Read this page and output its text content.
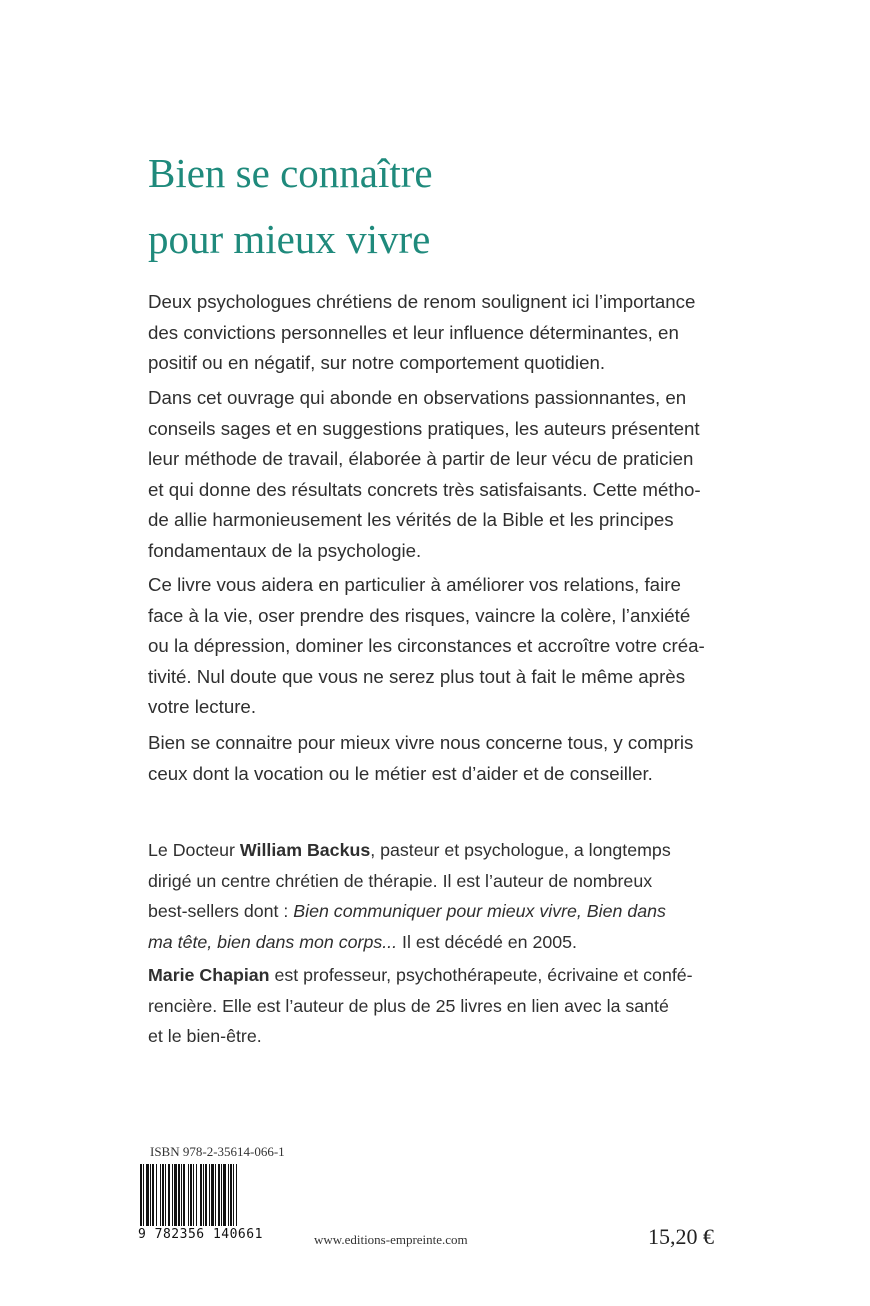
Bien se connaître
pour mieux vivre
Deux psychologues chrétiens de renom soulignent ici l’importance
des convictions personnelles et leur influence déterminantes, en
positif ou en négatif, sur notre comportement quotidien.
Dans cet ouvrage qui abonde en observations passionnantes, en
conseils sages et en suggestions pratiques, les auteurs présentent
leur méthode de travail, élaborée à partir de leur vécu de praticien
et qui donne des résultats concrets très satisfaisants. Cette métho-
de allie harmonieusement les vérités de la Bible et les principes
fondamentaux de la psychologie.
Ce livre vous aidera en particulier à améliorer vos relations, faire
face à la vie, oser prendre des risques, vaincre la colère, l’anxiété
ou la dépression, dominer les circonstances et accroître votre créa-
tivité. Nul doute que vous ne serez plus tout à fait le même après
votre lecture.
Bien se connaitre pour mieux vivre nous concerne tous, y compris
ceux dont la vocation ou le métier est d’aider et de conseiller.
Le Docteur William Backus, pasteur et psychologue, a longtemps
dirigé un centre chrétien de thérapie. Il est l’auteur de nombreux
best-sellers dont : Bien communiquer pour mieux vivre, Bien dans
ma tête, bien dans mon corps... Il est décédé en 2005.
Marie Chapian est professeur, psychothérapeute, écrivaine et confé-
rencière. Elle est l’auteur de plus de 25 livres en lien avec la santé
et le bien-être.
ISBN 978-2-35614-066-1
9 782356 140661	www.editions-empreinte.com	15,20 €
